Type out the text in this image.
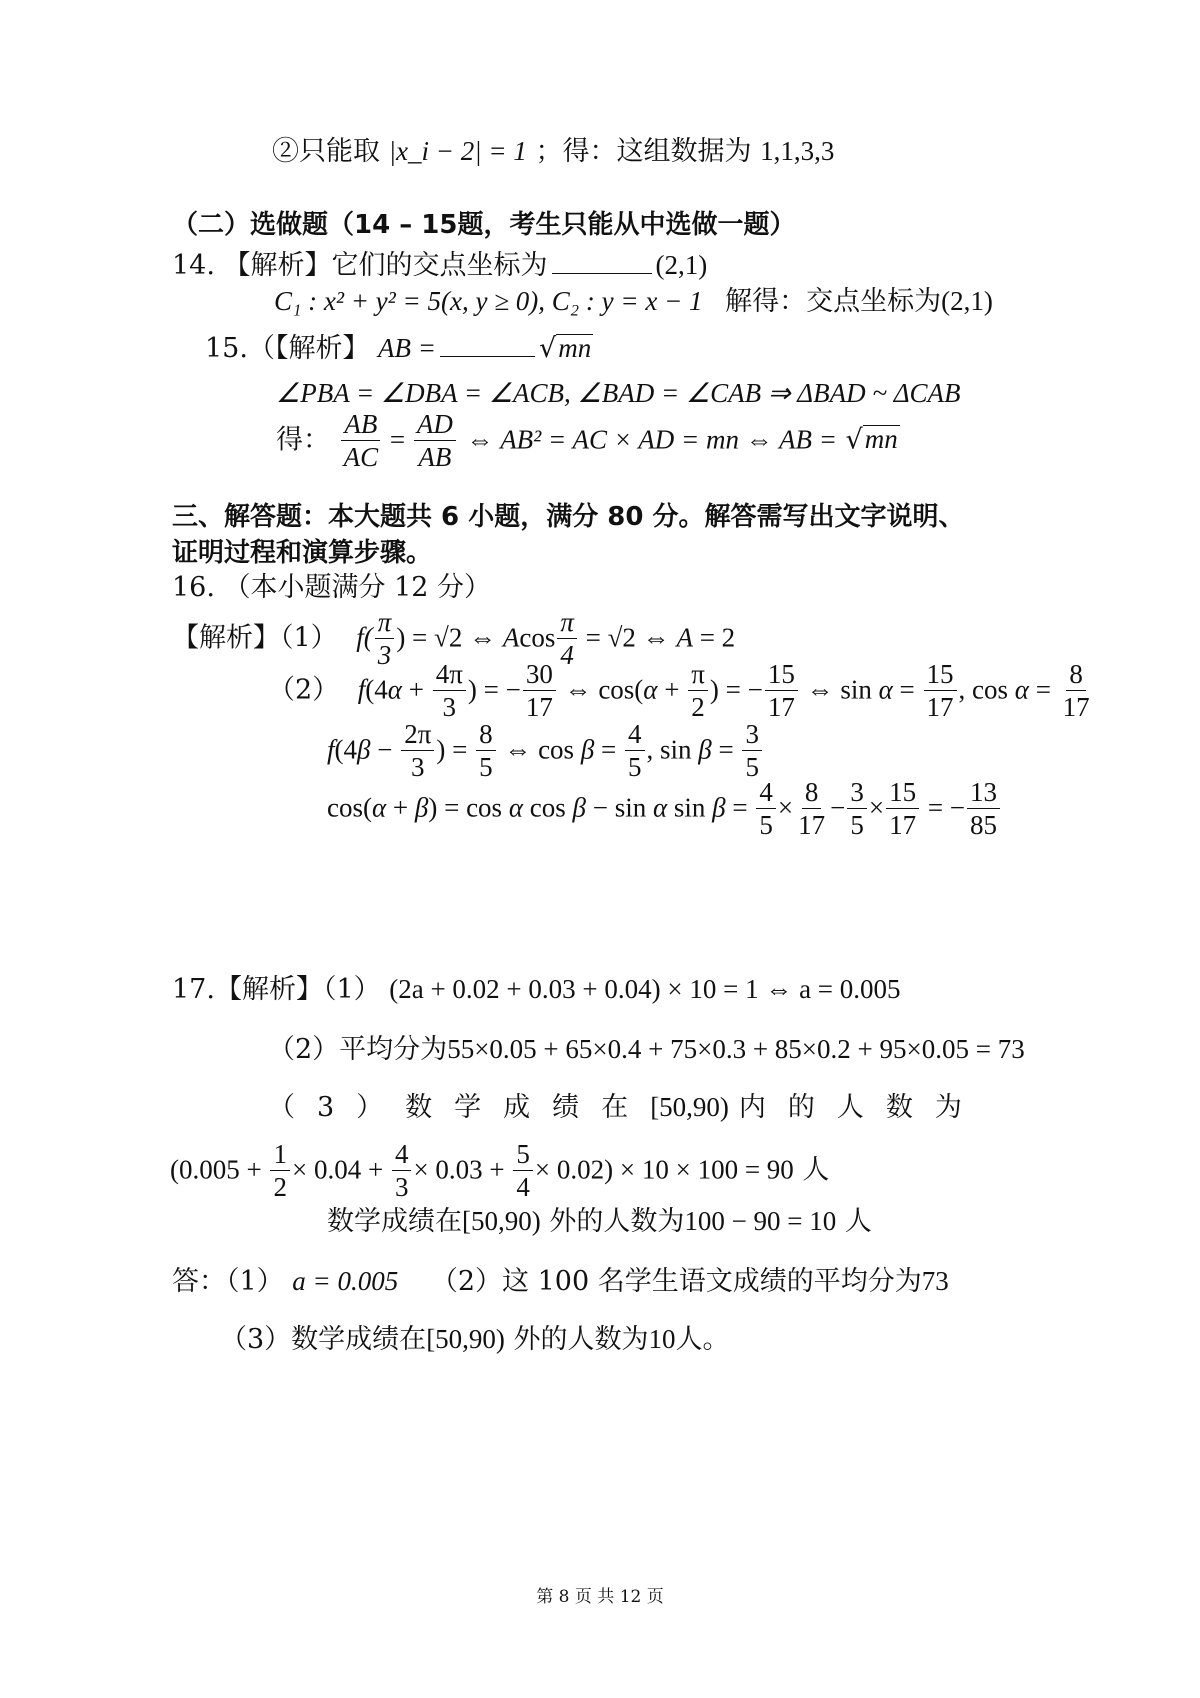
②只能取 |x_i − 2| = 1 ；得：这组数据为 1,1,3,3
（二）选做题（14 – 15题，考生只能从中选做一题）
14. 【解析】它们的交点坐标为	(2,1)
C₁ : x² + y² = 5(x, y ≥ 0), C₂ : y = x − 1 解得：交点坐标为(2,1)
15.（【解析】 AB =	√mn
∠PBA = ∠DBA = ∠ACB, ∠BAD = ∠CAB ⇒ ΔBAD ~ ΔCAB
得： $\frac{AB}{AC} = \frac{AD}{AB}$ ⇔ AB² = AC × AD = mn ⇔ AB = √mn
三、解答题：本大题共 6 小题，满分 80 分。解答需写出文字说明、
证明过程和演算步骤。
16. （本小题满分 12 分）
【解析】（1） $f( \frac{\pi}{3}$ ) = √2 ⇔ Acos $\frac{\pi}{4} = √2$ ⇔ A = 2
（2） $f(4\alpha + \frac{4\pi}{3}$ ) = − $\frac{30}{17}$ ⇔ $\cos(\alpha + \frac{\pi}{2}$ ) = − $\frac{15}{17}$ ⇔ $\sin \alpha = \frac{15}{17}$ , $\cos \alpha = \frac{8}{17}$
$f(4\beta - \frac{2\pi}{3}$ ) = $\frac{8}{5}$ ⇔ $\cos \beta = \frac{4}{5}$ , $\sin \beta = \frac{3}{5}$
cos(α + β) = cos α cos β − sin α $\sin \beta = \frac{4}{5} \times \frac{8}{17} - \frac{3}{5} \times \frac{15}{17}$ = − $\frac{13}{85}$
17.【解析】（1） (2a + 0.02 + 0.03 + 0.04) × 10 = 1 ⇔ a = 0.005
（2）平均分为55×0.05 + 65×0.4 + 75×0.3 + 85×0.2 + 95×0.05 = 73
（3）数学成绩在[50,90) 内的人数为
$(0.005 + \frac{1}{2} \times 0.04 + \frac{4}{3} \times 0.03 + \frac{5}{4} \times 0.02) \times 10 \times 100 = 90$ 人
数学成绩在[50,90) 外的人数为100 − 90 = 10 人
答：（1） a = 0.005 （2）这 100 名学生语文成绩的平均分为73
（3）数学成绩在[50,90) 外的人数为10人。
第 8 页 共 12 页
